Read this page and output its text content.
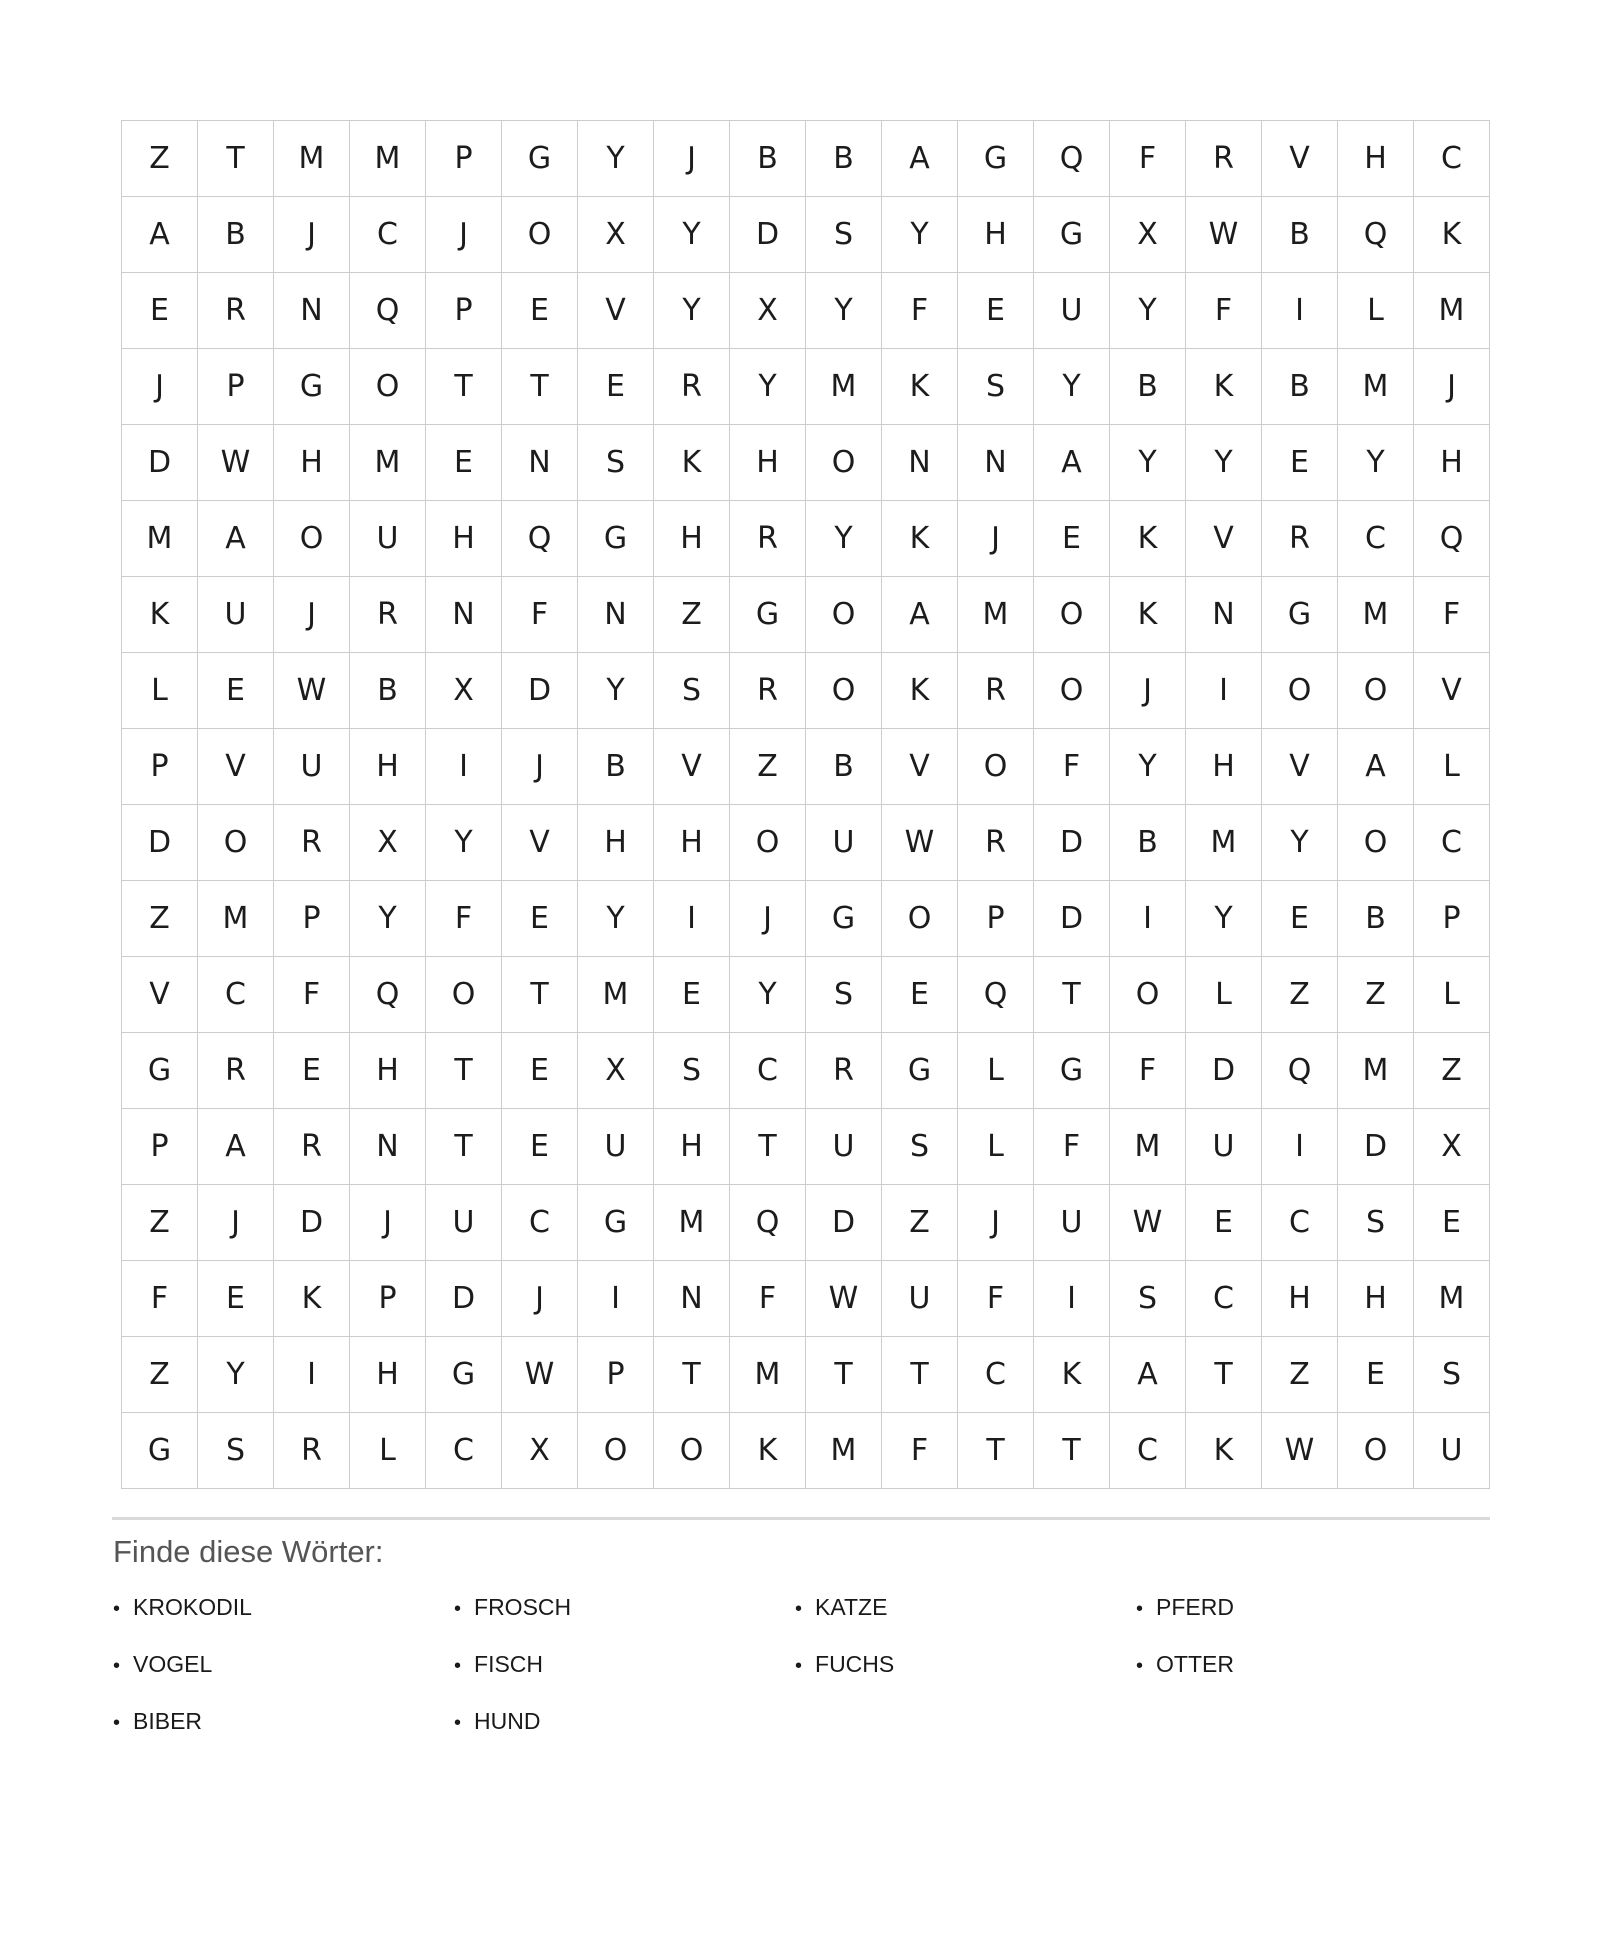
Z	T	M	M	P	G	Y	J	B	B	A	G	Q	F	R	V	H	C
A	B	J	C	J	O	X	Y	D	S	Y	H	G	X	W	B	Q	K
E	R	N	Q	P	E	V	Y	X	Y	F	E	U	Y	F	I	L	M
J	P	G	O	T	T	E	R	Y	M	K	S	Y	B	K	B	M	J
D	W	H	M	E	N	S	K	H	O	N	N	A	Y	Y	E	Y	H
M	A	O	U	H	Q	G	H	R	Y	K	J	E	K	V	R	C	Q
K	U	J	R	N	F	N	Z	G	O	A	M	O	K	N	G	M	F
L	E	W	B	X	D	Y	S	R	O	K	R	O	J	I	O	O	V
P	V	U	H	I	J	B	V	Z	B	V	O	F	Y	H	V	A	L
D	O	R	X	Y	V	H	H	O	U	W	R	D	B	M	Y	O	C
Z	M	P	Y	F	E	Y	I	J	G	O	P	D	I	Y	E	B	P
V	C	F	Q	O	T	M	E	Y	S	E	Q	T	O	L	Z	Z	L
G	R	E	H	T	E	X	S	C	R	G	L	G	F	D	Q	M	Z
P	A	R	N	T	E	U	H	T	U	S	L	F	M	U	I	D	X
Z	J	D	J	U	C	G	M	Q	D	Z	J	U	W	E	C	S	E
F	E	K	P	D	J	I	N	F	W	U	F	I	S	C	H	H	M
Z	Y	I	H	G	W	P	T	M	T	T	C	K	A	T	Z	E	S
G	S	R	L	C	X	O	O	K	M	F	T	T	C	K	W	O	U
Finde diese Wörter:
• KROKODIL	• FROSCH	• KATZE	• PFERD
• VOGEL	• FISCH	• FUCHS	• OTTER
• BIBER	• HUND
